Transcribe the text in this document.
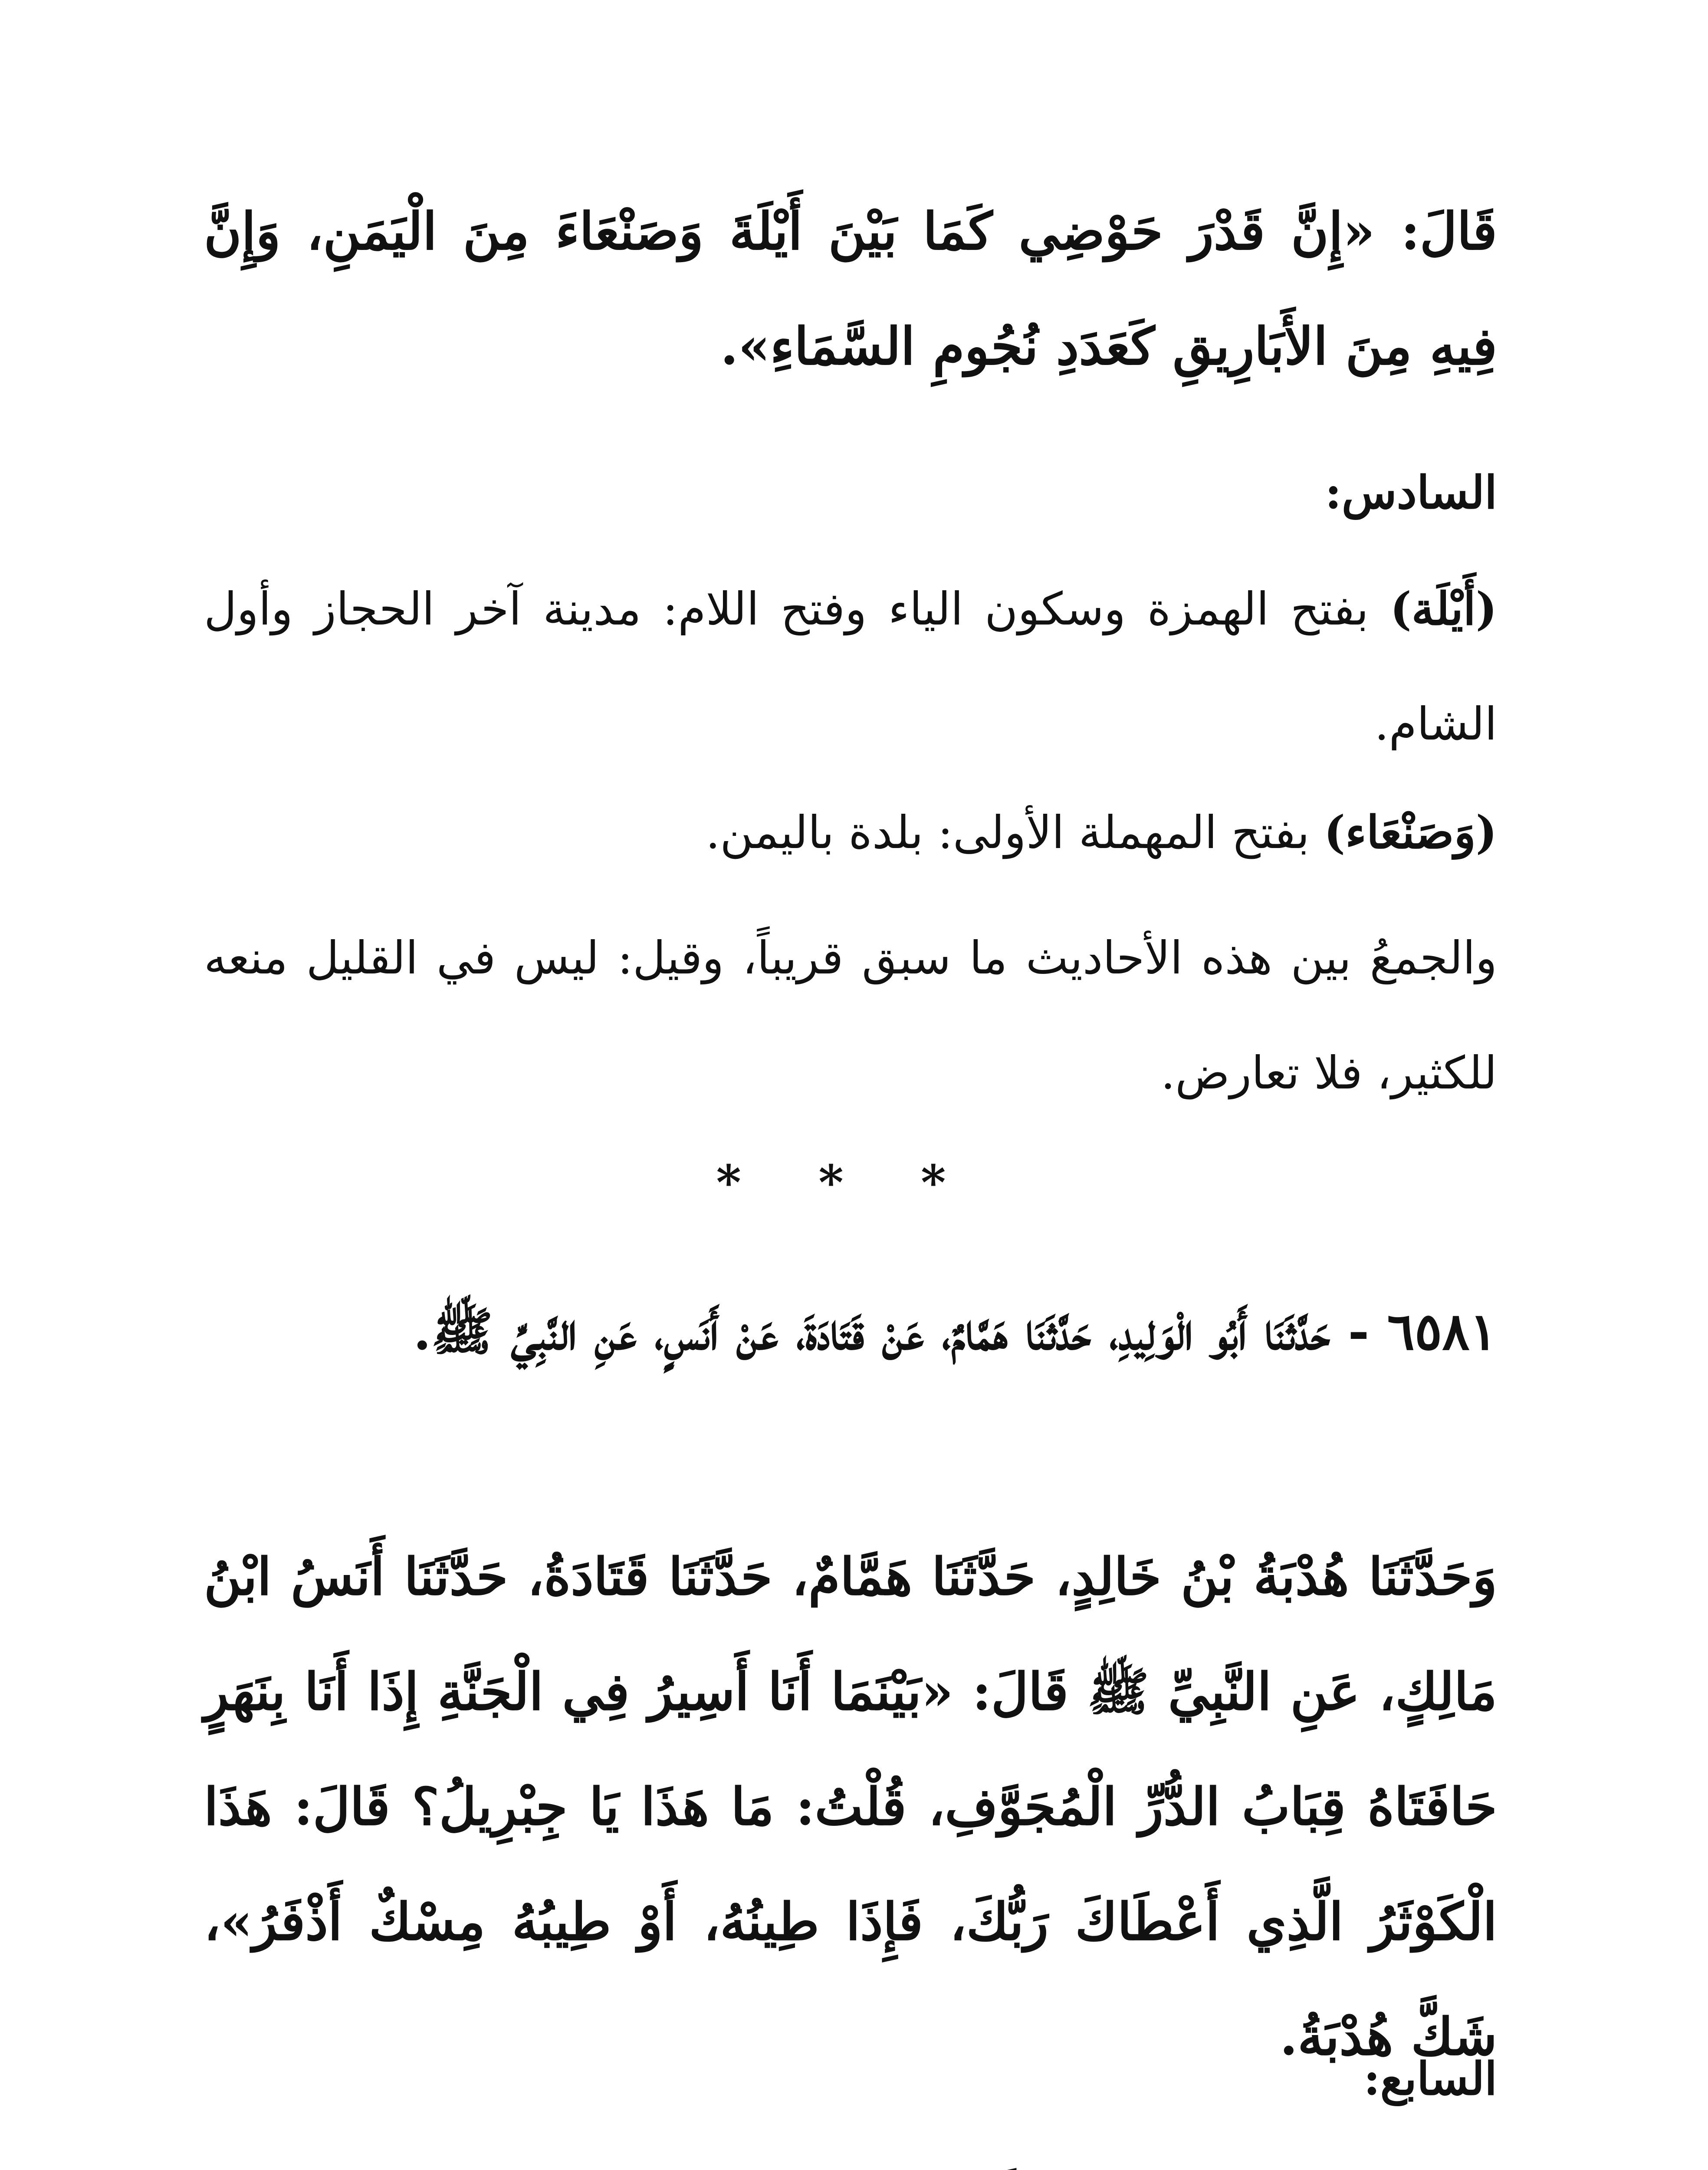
قَالَ: «إِنَّ قَدْرَ حَوْضِي كَمَا بَيْنَ أَيْلَةَ وَصَنْعَاءَ مِنَ الْيَمَنِ، وَإِنَّ فِيهِ مِنَ الأَبَارِيقِ كَعَدَدِ نُجُومِ السَّمَاءِ».
السادس:
(أَيْلَة) بفتح الهمزة وسكون الياء وفتح اللام: مدينة آخر الحجاز وأول الشام.
(وَصَنْعَاء) بفتح المهملة الأولى: بلدة باليمن.
والجمعُ بين هذه الأحاديث ما سبق قريباً، وقيل: ليس في القليل منعه للكثير، فلا تعارض.
* * *
٦٥٨١ - حَدَّثَنَا أَبُو الْوَلِيدِ، حَدَّثَنَا هَمَّامٌ، عَنْ قَتَادَةَ، عَنْ أَنَسٍ، عَنِ النَّبِيِّ ﷺ.
وَحَدَّثَنَا هُدْبَةُ بْنُ خَالِدٍ، حَدَّثَنَا هَمَّامٌ، حَدَّثَنَا قَتَادَةُ، حَدَّثَنَا أَنَسُ ابْنُ مَالِكٍ، عَنِ النَّبِيِّ ﷺ قَالَ: «بَيْنَمَا أَنَا أَسِيرُ فِي الْجَنَّةِ إِذَا أَنَا بِنَهَرٍ حَافَتَاهُ قِبَابُ الدُّرِّ الْمُجَوَّفِ، قُلْتُ: مَا هَذَا يَا جِبْرِيلُ؟ قَالَ: هَذَا الْكَوْثَرُ الَّذِي أَعْطَاكَ رَبُّكَ، فَإِذَا طِينُهُ، أَوْ طِيبُهُ مِسْكٌ أَذْفَرُ»، شَكَّ هُدْبَةُ.
السابع:
